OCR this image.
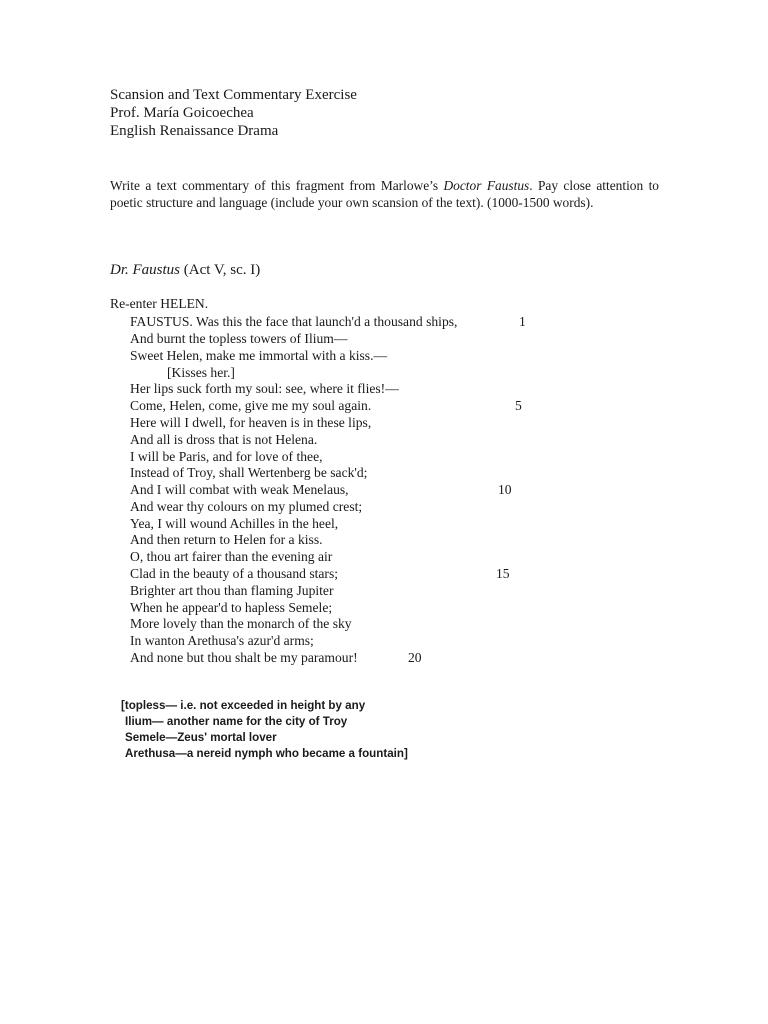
Scansion and Text Commentary Exercise
Prof. María Goicoechea
English Renaissance Drama

Write a text commentary of this fragment from Marlowe’s Doctor Faustus. Pay close attention to poetic structure and language (include your own scansion of the text). (1000-1500 words).

Dr. Faustus (Act V, sc. I)
Re-enter HELEN.
FAUSTUS. Was this the face that launch'd a thousand ships,
And burnt the topless towers of Ilium—
Sweet Helen, make me immortal with a kiss.—
[Kisses her.]
Her lips suck forth my soul: see, where it flies!—
Come, Helen, come, give me my soul again.
Here will I dwell, for heaven is in these lips,
And all is dross that is not Helena.
I will be Paris, and for love of thee,
Instead of Troy, shall Wertenberg be sack'd;
And I will combat with weak Menelaus,
And wear thy colours on my plumed crest;
Yea, I will wound Achilles in the heel,
And then return to Helen for a kiss.
O, thou art fairer than the evening air
Clad in the beauty of a thousand stars;
Brighter art thou than flaming Jupiter
When he appear'd to hapless Semele;
More lovely than the monarch of the sky
In wanton Arethusa's azur'd arms;
And none but thou shalt be my paramour!
1
5
10
15
20
[topless— i.e. not exceeded in height by any
Ilium— another name for the city of Troy
Semele—Zeus' mortal lover
Arethusa—a nereid nymph who became a fountain]
